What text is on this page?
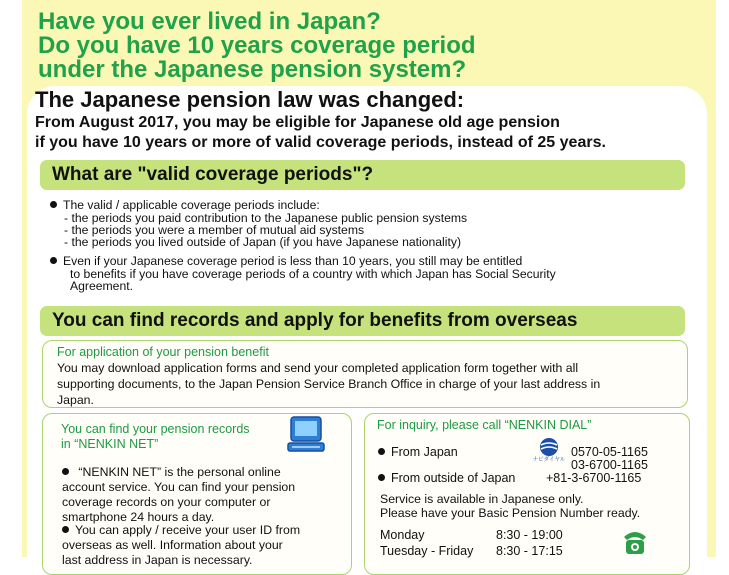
Have you ever lived in Japan?
Do you have 10 years coverage period
under the Japanese pension system?
The Japanese pension law was changed:

From August 2017, you may be eligible for Japanese old age pension

if you have 10 years or more of valid coverage periods, instead of 25 years.

What are "valid coverage periods"?

The valid / applicable coverage periods include:

- the periods you paid contribution to the Japanese public pension systems

- the periods you were a member of mutual aid systems

- the periods you lived outside of Japan (if you have Japanese nationality)

Even if your Japanese coverage period is less than 10 years, you still may be entitled

to benefits if you have coverage periods of a country with which Japan has Social Security

Agreement.

You can find records and apply for benefits from overseas

For application of your pension benefit

You may download application forms and send your completed application form together with all

supporting documents, to the Japan Pension Service Branch Office in charge of your last address in

Japan.

You can find your pension records

in “NENKIN NET”

“NENKIN NET” is the personal online

account service. You can find your pension

coverage records on your computer or

smartphone 24 hours a day.

You can apply / receive your user ID from

overseas as well. Information about your

last address in Japan is necessary.

For inquiry, please call “NENKIN DIAL”

From Japan
ナビダイヤル
0570-05-1165
03-6700-1165
From outside of Japan +81-3-6700-1165

Service is available in Japanese only.

Please have your Basic Pension Number ready.

Monday	8:30 - 19:00
Tuesday - Friday 8:30 - 17:15
